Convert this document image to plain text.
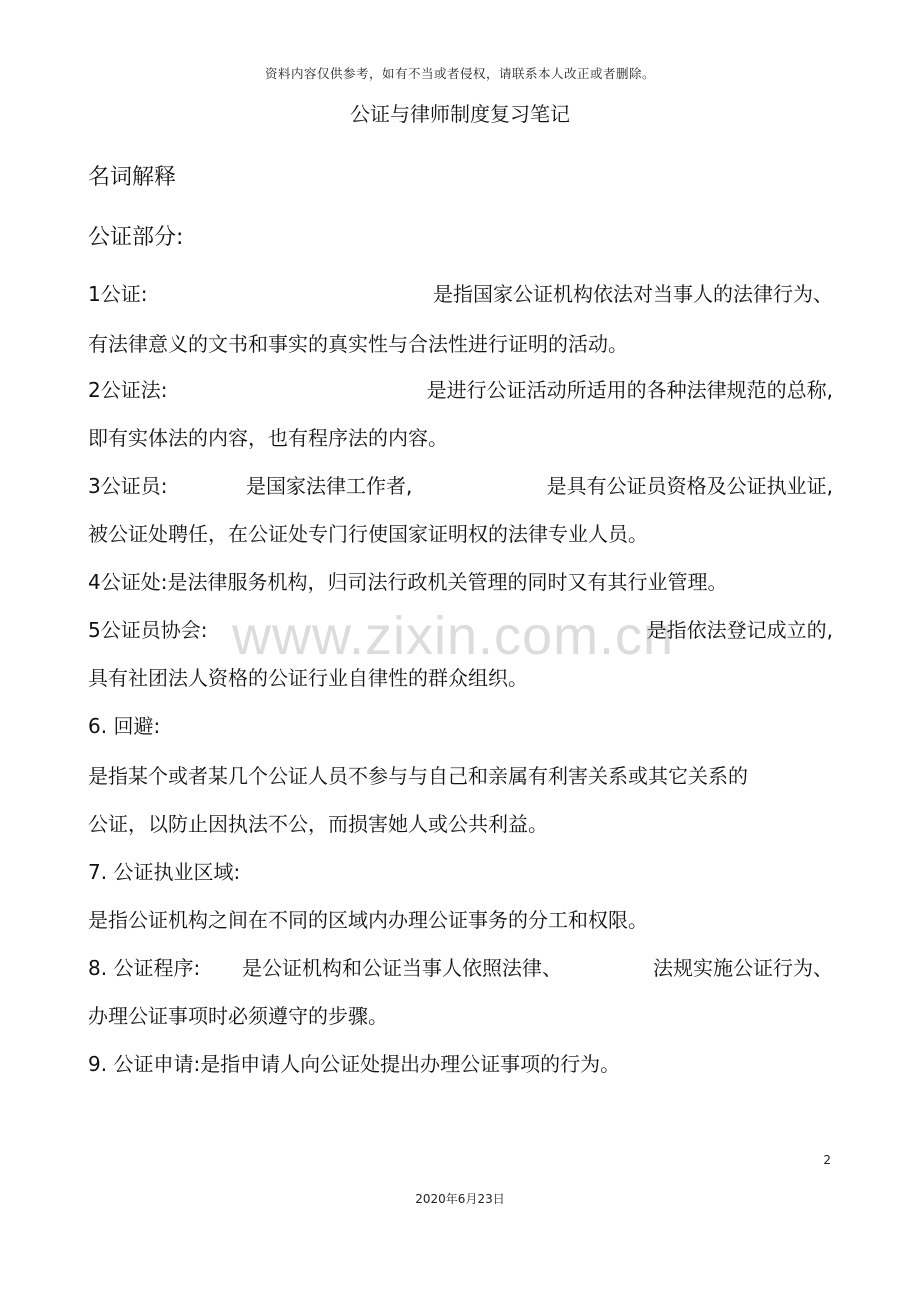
www.zixin.com.cn
资料内容仅供参考，如有不当或者侵权，请联系本人改正或者删除。
公证与律师制度复习笔记
名词解释
公证部分:
1公证:	是指国家公证机构依法对当事人的法律行为、
有法律意义的文书和事实的真实性与合法性进行证明的活动。
2公证法:	是进行公证活动所适用的各种法律规范的总称,
即有实体法的内容，也有程序法的内容。
3公证员:	是国家法律工作者,	是具有公证员资格及公证执业证,
被公证处聘任，在公证处专门行使国家证明权的法律专业人员。
4公证处:是法律服务机构，归司法行政机关管理的同时又有其行业管理。
5公证员协会:	是指依法登记成立的,
具有社团法人资格的公证行业自律性的群众组织。
6. 回避:
是指某个或者某几个公证人员不参与与自己和亲属有利害关系或其它关系的
公证，以防止因执法不公，而损害她人或公共利益。
7. 公证执业区域:
是指公证机构之间在不同的区域内办理公证事务的分工和权限。
8. 公证程序: 是公证机构和公证当事人依照法律、	法规实施公证行为、
办理公证事项时必须遵守的步骤。
9. 公证申请:是指申请人向公证处提出办理公证事项的行为。
2
2020年6月23日
